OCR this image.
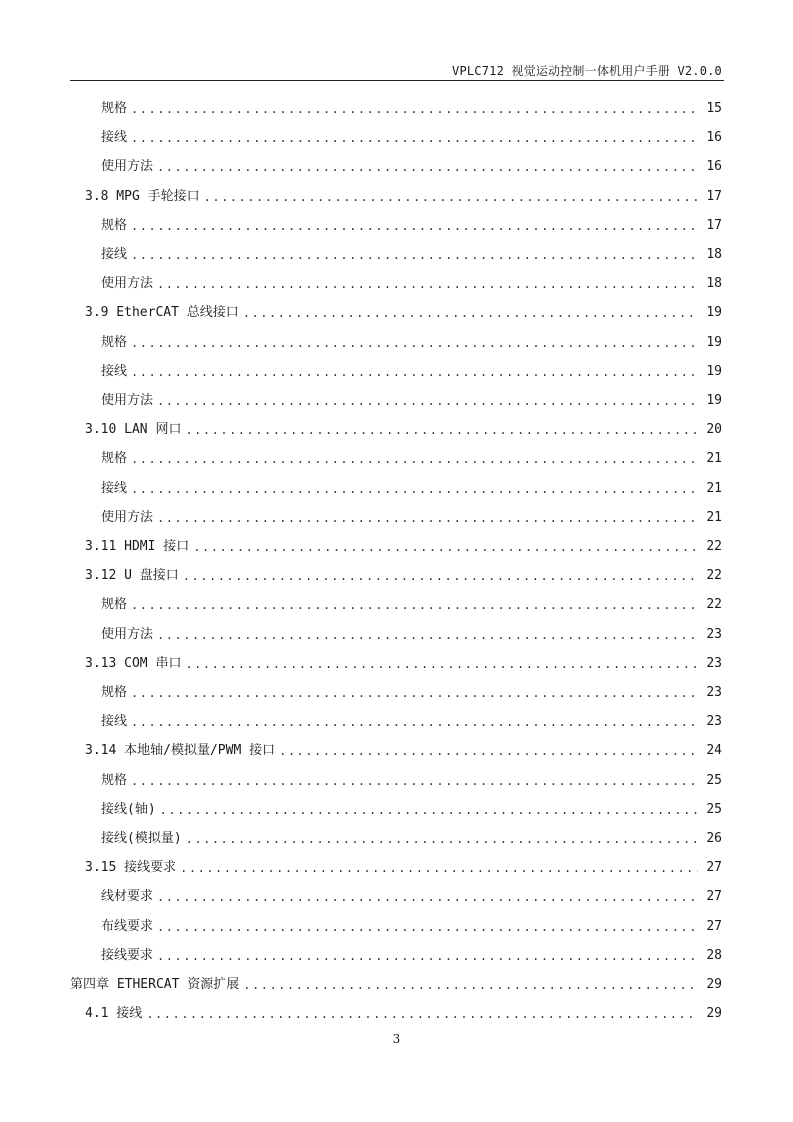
VPLC712 视觉运动控制一体机用户手册 V2.0.0
规格 .....	15
接线 .....	16
使用方法 .....	16
3.8 MPG 手轮接口 .....	17
规格 .....	17
接线 .....	18
使用方法 .....	18
3.9 EtherCAT 总线接口 .....	19
规格 .....	19
接线 .....	19
使用方法 .....	19
3.10 LAN 网口 .....	20
规格 .....	21
接线 .....	21
使用方法 .....	21
3.11 HDMI 接口 .....	22
3.12 U 盘接口 .....	22
规格 .....	22
使用方法 .....	23
3.13 COM 串口 .....	23
规格 .....	23
接线 .....	23
3.14 本地轴/模拟量/PWM 接口 .....	24
规格 .....	25
接线(轴) .....	25
接线(模拟量) .....	26
3.15 接线要求 .....	27
线材要求 .....	27
布线要求 .....	27
接线要求 .....	28
第四章 ETHERCAT 资源扩展 .....	29
4.1 接线 .....	29
3
